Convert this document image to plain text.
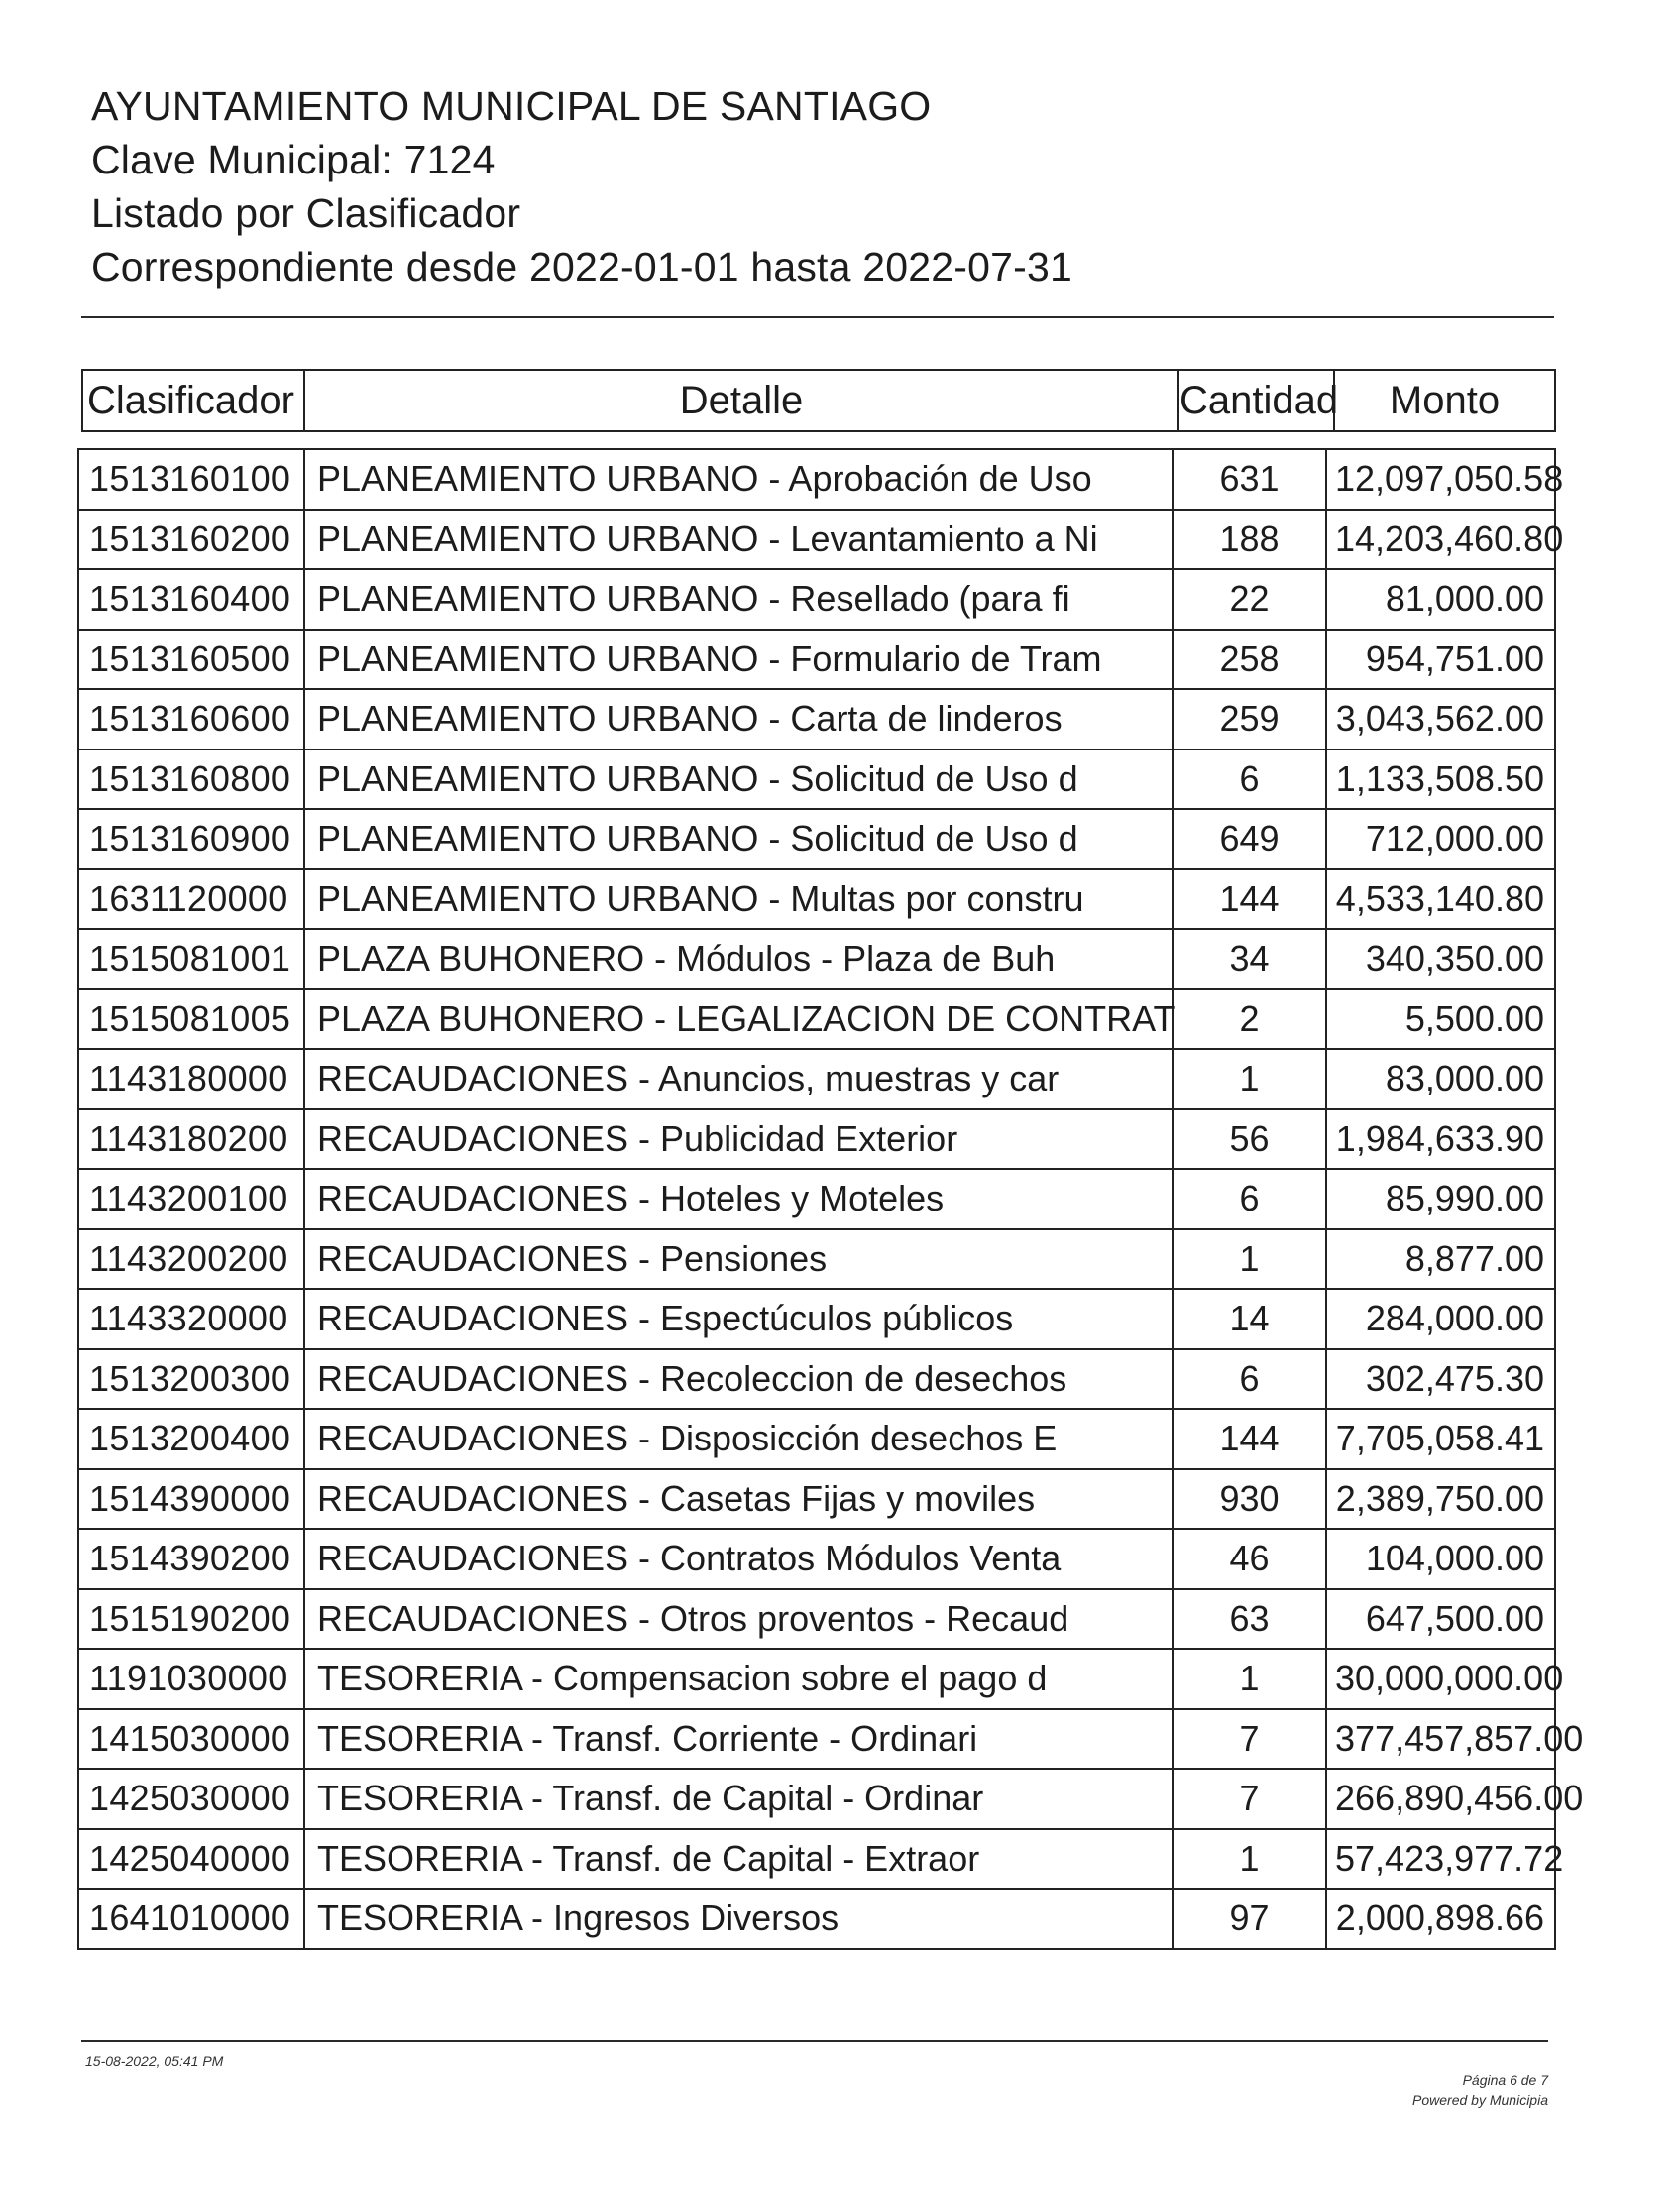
AYUNTAMIENTO MUNICIPAL DE SANTIAGO
Clave Municipal: 7124
Listado por Clasificador
Correspondiente desde 2022-01-01 hasta 2022-07-31
Clasificador	Detalle	Cantidad	Monto
1513160100	PLANEAMIENTO URBANO - Aprobación de Uso	631	12,097,050.58
1513160200	PLANEAMIENTO URBANO - Levantamiento a Ni	188	14,203,460.80
1513160400	PLANEAMIENTO URBANO - Resellado (para fi	22	81,000.00
1513160500	PLANEAMIENTO URBANO - Formulario de Tram	258	954,751.00
1513160600	PLANEAMIENTO URBANO - Carta de linderos	259	3,043,562.00
1513160800	PLANEAMIENTO URBANO - Solicitud de Uso d	6	1,133,508.50
1513160900	PLANEAMIENTO URBANO - Solicitud de Uso d	649	712,000.00
1631120000	PLANEAMIENTO URBANO - Multas por constru	144	4,533,140.80
1515081001	PLAZA BUHONERO - Módulos - Plaza de Buh	34	340,350.00
1515081005	PLAZA BUHONERO - LEGALIZACION DE CONTRAT	2	5,500.00
1143180000	RECAUDACIONES - Anuncios, muestras y car	1	83,000.00
1143180200	RECAUDACIONES - Publicidad Exterior	56	1,984,633.90
1143200100	RECAUDACIONES - Hoteles y Moteles	6	85,990.00
1143200200	RECAUDACIONES - Pensiones	1	8,877.00
1143320000	RECAUDACIONES - Espectúculos públicos	14	284,000.00
1513200300	RECAUDACIONES - Recoleccion de desechos	6	302,475.30
1513200400	RECAUDACIONES - Disposicción desechos E	144	7,705,058.41
1514390000	RECAUDACIONES - Casetas Fijas y moviles	930	2,389,750.00
1514390200	RECAUDACIONES - Contratos Módulos Venta	46	104,000.00
1515190200	RECAUDACIONES - Otros proventos - Recaud	63	647,500.00
1191030000	TESORERIA - Compensacion sobre el pago d	1	30,000,000.00
1415030000	TESORERIA - Transf. Corriente - Ordinari	7	377,457,857.00
1425030000	TESORERIA - Transf. de Capital - Ordinar	7	266,890,456.00
1425040000	TESORERIA - Transf. de Capital - Extraor	1	57,423,977.72
1641010000	TESORERIA - Ingresos Diversos	97	2,000,898.66
15-08-2022, 05:41 PM
Página 6 de 7
Powered by Municipia
